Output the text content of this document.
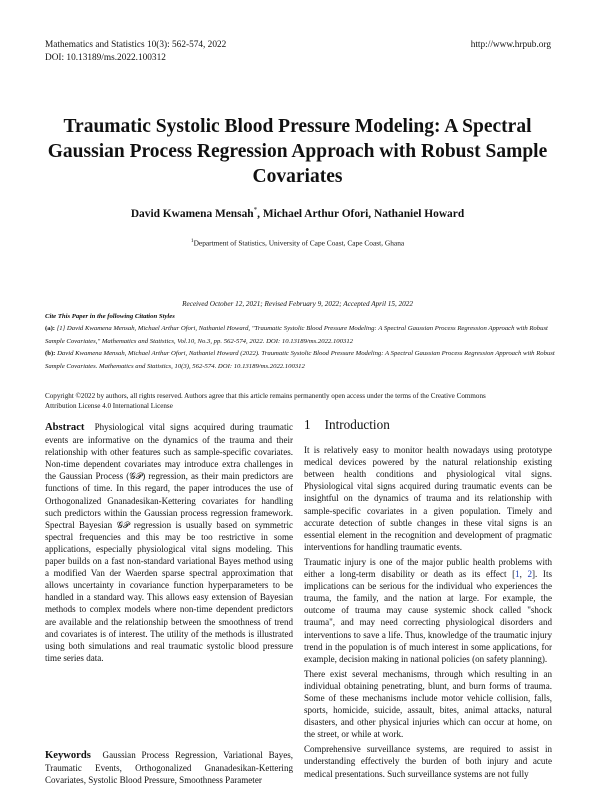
Mathematics and Statistics 10(3): 562-574, 2022
DOI: 10.13189/ms.2022.100312
http://www.hrpub.org
Traumatic Systolic Blood Pressure Modeling: A Spectral Gaussian Process Regression Approach with Robust Sample Covariates
David Kwamena Mensah*, Michael Arthur Ofori, Nathaniel Howard
$^1$Department of Statistics, University of Cape Coast, Cape Coast, Ghana
Received October 12, 2021; Revised February 9, 2022; Accepted April 15, 2022
Cite This Paper in the following Citation Styles
(a): [1] David Kwamena Mensah, Michael Arthur Ofori, Nathaniel Howard, "Traumatic Systolic Blood Pressure Modeling: A Spectral Gaussian Process Regression Approach with Robust Sample Covariates," Mathematics and Statistics, Vol.10, No.3, pp. 562-574, 2022. DOI: 10.13189/ms.2022.100312
(b): David Kwamena Mensah, Michael Arthur Ofori, Nathaniel Howard (2022). Traumatic Systolic Blood Pressure Modeling: A Spectral Gaussian Process Regression Approach with Robust Sample Covariates. Mathematics and Statistics, 10(3), 562-574. DOI: 10.13189/ms.2022.100312
Copyright ©2022 by authors, all rights reserved. Authors agree that this article remains permanently open access under the terms of the Creative Commons Attribution License 4.0 International License
Abstract Physiological vital signs acquired during traumatic events are informative on the dynamics of the trauma and their relationship with other features such as sample-specific covariates. Non-time dependent covariates may introduce extra challenges in the Gaussian Process (𝒢𝒫) regression, as their main predictors are functions of time. In this regard, the paper introduces the use of Orthogonalized Gnanadesikan-Kettering covariates for handling such predictors within the Gaussian process regression framework. Spectral Bayesian 𝒢𝒫 regression is usually based on symmetric spectral frequencies and this may be too restrictive in some applications, especially physiological vital signs modeling. This paper builds on a fast non-standard variational Bayes method using a modified Van der Waerden sparse spectral approximation that allows uncertainty in covariance function hyperparameters to be handled in a standard way. This allows easy extension of Bayesian methods to complex models where non-time dependent predictors are available and the relationship between the smoothness of trend and covariates is of interest. The utility of the methods is illustrated using both simulations and real traumatic systolic blood pressure time series data.
Keywords Gaussian Process Regression, Variational Bayes, Traumatic Events, Orthogonalized Gnanadesikan-Kettering Covariates, Systolic Blood Pressure, Smoothness Parameter
1 Introduction

It is relatively easy to monitor health nowadays using prototype medical devices powered by the natural relationship existing between health conditions and physiological vital signs. Physiological vital signs acquired during traumatic events can be insightful on the dynamics of trauma and its relationship with sample-specific covariates in a given population. Timely and accurate detection of subtle changes in these vital signs is an essential element in the recognition and development of pragmatic interventions for handling traumatic events.

Traumatic injury is one of the major public health problems with either a long-term disability or death as its effect [1, 2]. Its implications can be serious for the individual who experiences the trauma, the family, and the nation at large. For example, the outcome of trauma may cause systemic shock called "shock trauma", and may need correcting physiological disorders and interventions to save a life. Thus, knowledge of the traumatic injury trend in the population is of much interest in some applications, for example, decision making in national policies (on safety planning).

There exist several mechanisms, through which resulting in an individual obtaining penetrating, blunt, and burn forms of trauma. Some of these mechanisms include motor vehicle collision, falls, sports, homicide, suicide, assault, bites, animal attacks, natural disasters, and other physical injuries which can occur at home, on the street, or while at work.

Comprehensive surveillance systems, are required to assist in understanding effectively the burden of both injury and acute medical presentations. Such surveillance systems are not fully
